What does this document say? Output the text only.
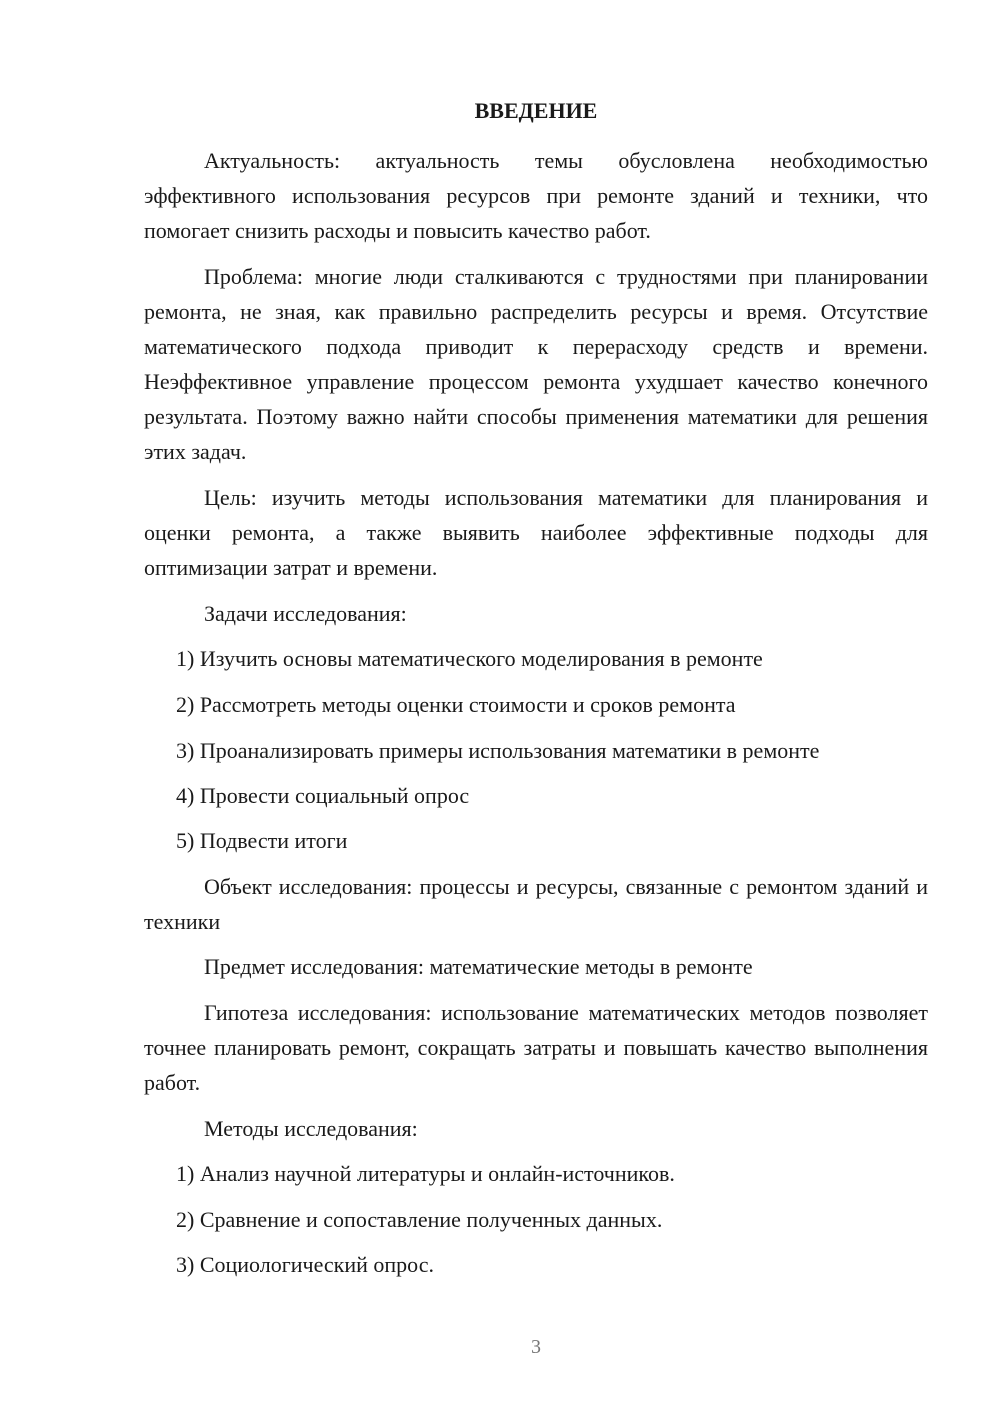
ВВЕДЕНИЕ

Актуальность: актуальность темы обусловлена необходимостью эффективного использования ресурсов при ремонте зданий и техники, что помогает снизить расходы и повысить качество работ.

Проблема: многие люди сталкиваются с трудностями при планировании ремонта, не зная, как правильно распределить ресурсы и время. Отсутствие математического подхода приводит к перерасходу средств и времени. Неэффективное управление процессом ремонта ухудшает качество конечного результата. Поэтому важно найти способы применения математики для решения этих задач.

Цель: изучить методы использования математики для планирования и оценки ремонта, а также выявить наиболее эффективные подходы для оптимизации затрат и времени.

Задачи исследования:

1) Изучить основы математического моделирования в ремонте

2) Рассмотреть методы оценки стоимости и сроков ремонта

3) Проанализировать примеры использования математики в ремонте

4) Провести социальный опрос

5) Подвести итоги

Объект исследования: процессы и ресурсы, связанные с ремонтом зданий и техники

Предмет исследования: математические методы в ремонте

Гипотеза исследования: использование математических методов позволяет точнее планировать ремонт, сокращать затраты и повышать качество выполнения работ.

Методы исследования:

1) Анализ научной литературы и онлайн-источников.

2) Сравнение и сопоставление полученных данных.

3) Социологический опрос.

3
